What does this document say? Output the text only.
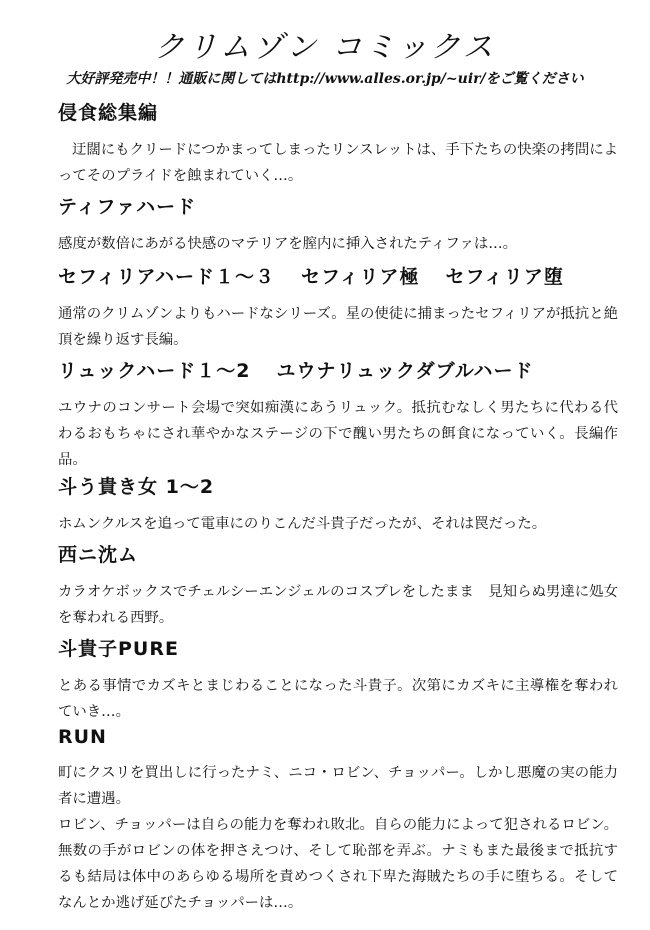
クリムゾン コミックス
大好評発売中！！通販に関してはhttp://www.alles.or.jp/~uir/をご覧ください
侵食総集編

迂闊にもクリードにつかまってしまったリンスレットは、手下たちの快楽の拷問によってそのプライドを蝕まれていく…。

ティファハード

感度が数倍にあがる快感のマテリアを膣内に挿入されたティファは…。

セフィリアハード１～３ セフィリア極 セフィリア堕

通常のクリムゾンよりもハードなシリーズ。星の使徒に捕まったセフィリアが抵抗と絶頂を繰り返す長編。

リュックハード１～2 ユウナリュックダブルハード

ユウナのコンサート会場で突如痴漢にあうリュック。抵抗むなしく男たちに代わる代わるおもちゃにされ華やかなステージの下で醜い男たちの餌食になっていく。長編作品。

斗う貴き女 1～2

ホムンクルスを追って電車にのりこんだ斗貴子だったが、それは罠だった。

西ニ沈ム

カラオケボックスでチェルシーエンジェルのコスプレをしたまま　見知らぬ男達に処女を奪われる西野。

斗貴子PURE

とある事情でカズキとまじわることになった斗貴子。次第にカズキに主導権を奪われていき…。

RUN

町にクスリを買出しに行ったナミ、ニコ・ロビン、チョッパー。しかし悪魔の実の能力者に遭遇。

ロビン、チョッパーは自らの能力を奪われ敗北。自らの能力によって犯されるロビン。無数の手がロビンの体を押さえつけ、そして恥部を弄ぶ。ナミもまた最後まで抵抗するも結局は体中のあらゆる場所を責めつくされ下卑た海賊たちの手に堕ちる。そしてなんとか逃げ延びたチョッパーは…。
